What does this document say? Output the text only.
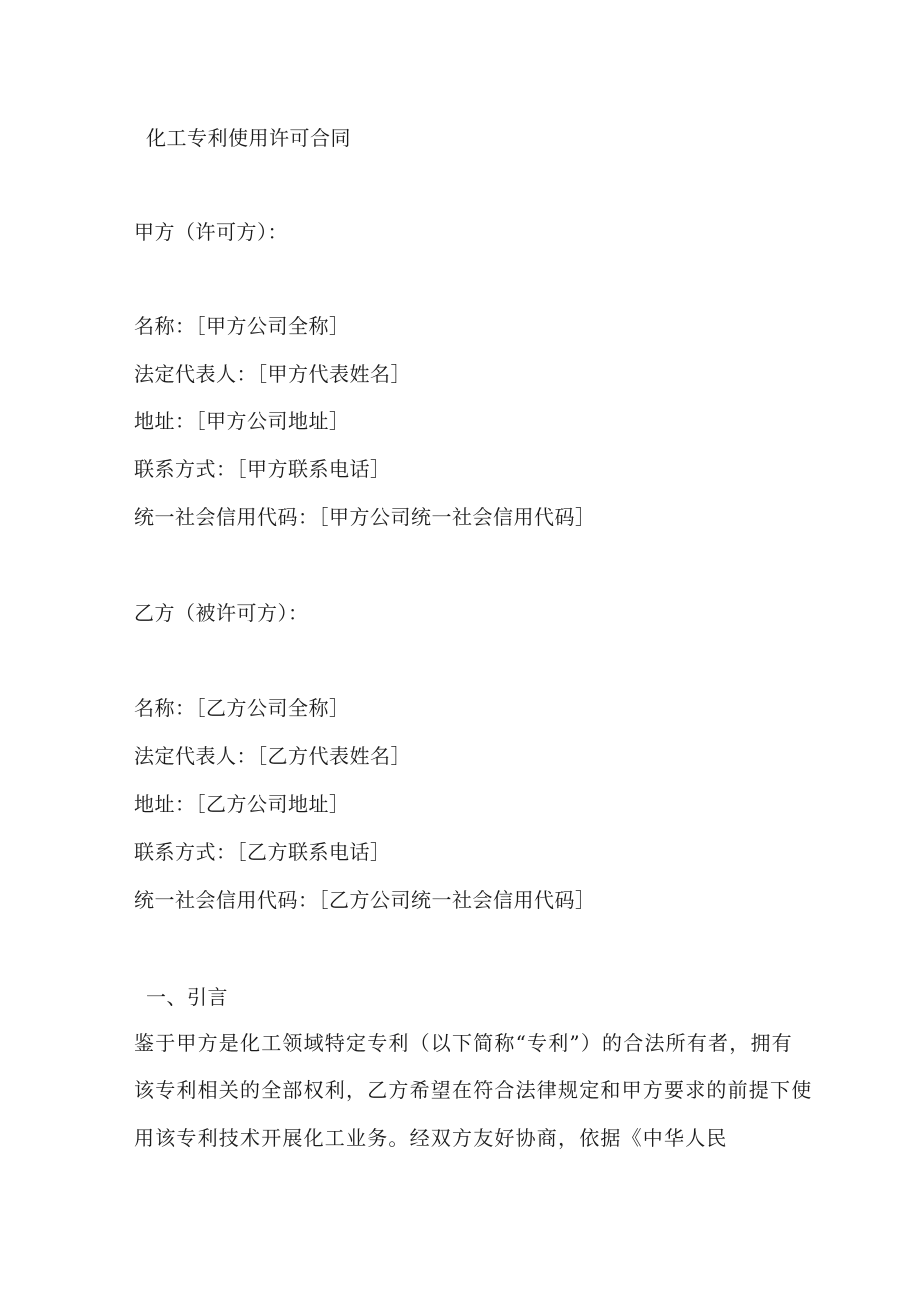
化工专利使用许可合同
甲方（许可方）：
名称：［甲方公司全称］
法定代表人：［甲方代表姓名］
地址：［甲方公司地址］
联系方式：［甲方联系电话］
统一社会信用代码：［甲方公司统一社会信用代码］
乙方（被许可方）：
名称：［乙方公司全称］
法定代表人：［乙方代表姓名］
地址：［乙方公司地址］
联系方式：［乙方联系电话］
统一社会信用代码：［乙方公司统一社会信用代码］
一、引言
鉴于甲方是化工领域特定专利（以下简称“专利”）的合法所有者，拥有
该专利相关的全部权利，乙方希望在符合法律规定和甲方要求的前提下使
用该专利技术开展化工业务。经双方友好协商，依据《中华人民
